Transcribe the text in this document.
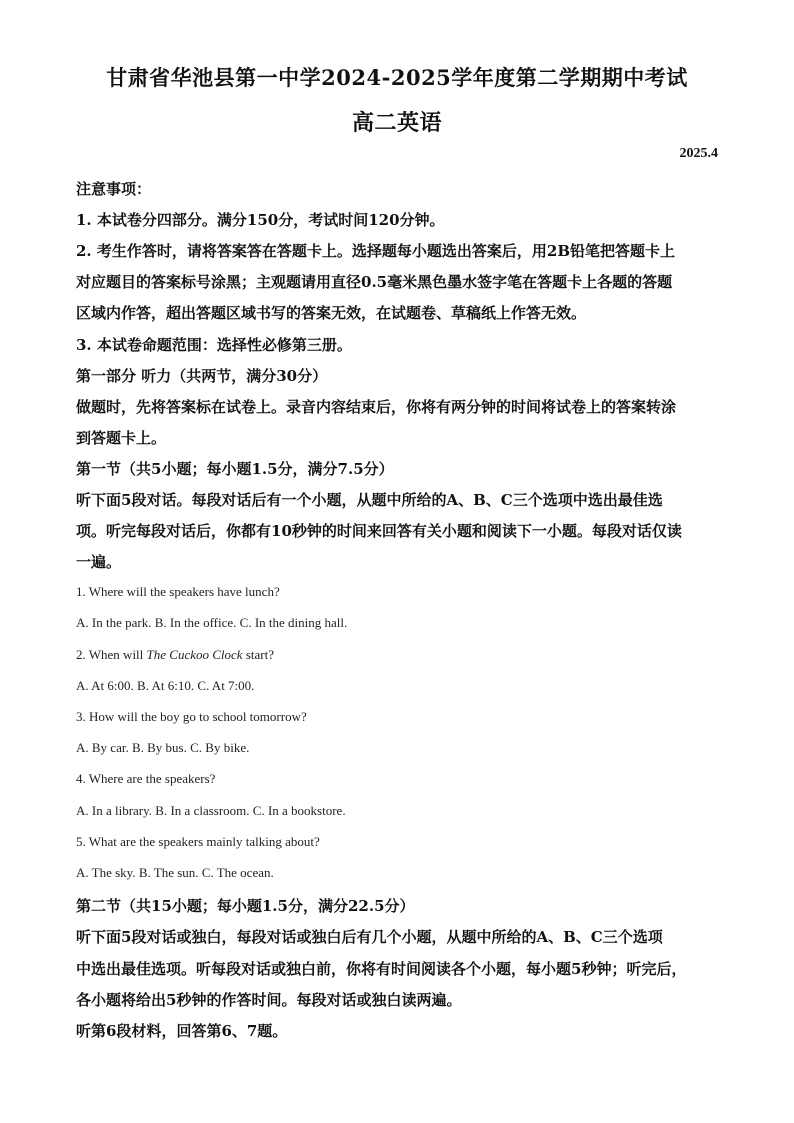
甘肃省华池县第一中学2024-2025学年度第二学期期中考试
高二英语
2025.4
注意事项：
1. 本试卷分四部分。满分150分，考试时间120分钟。
2. 考生作答时，请将答案答在答题卡上。选择题每小题选出答案后，用2B铅笔把答题卡上
对应题目的答案标号涂黑；主观题请用直径0.5毫米黑色墨水签字笔在答题卡上各题的答题
区域内作答，超出答题区域书写的答案无效，在试题卷、草稿纸上作答无效。
3. 本试卷命题范围：选择性必修第三册。
第一部分 听力（共两节，满分30分）
做题时，先将答案标在试卷上。录音内容结束后，你将有两分钟的时间将试卷上的答案转涂
到答题卡上。
第一节（共5小题；每小题1.5分，满分7.5分）
听下面5段对话。每段对话后有一个小题，从题中所给的A、B、C三个选项中选出最佳选
项。听完每段对话后，你都有10秒钟的时间来回答有关小题和阅读下一小题。每段对话仅读
一遍。
1. Where will the speakers have lunch?
A. In the park. B. In the office. C. In the dining hall.
2. When will The Cuckoo Clock start?
A. At 6:00. B. At 6:10. C. At 7:00.
3. How will the boy go to school tomorrow?
A. By car. B. By bus. C. By bike.
4. Where are the speakers?
A. In a library. B. In a classroom. C. In a bookstore.
5. What are the speakers mainly talking about?
A. The sky. B. The sun. C. The ocean.
第二节（共15小题；每小题1.5分，满分22.5分）
听下面5段对话或独白，每段对话或独白后有几个小题，从题中所给的A、B、C三个选项
中选出最佳选项。听每段对话或独白前，你将有时间阅读各个小题，每小题5秒钟；听完后，
各小题将给出5秒钟的作答时间。每段对话或独白读两遍。
听第6段材料，回答第6、7题。
